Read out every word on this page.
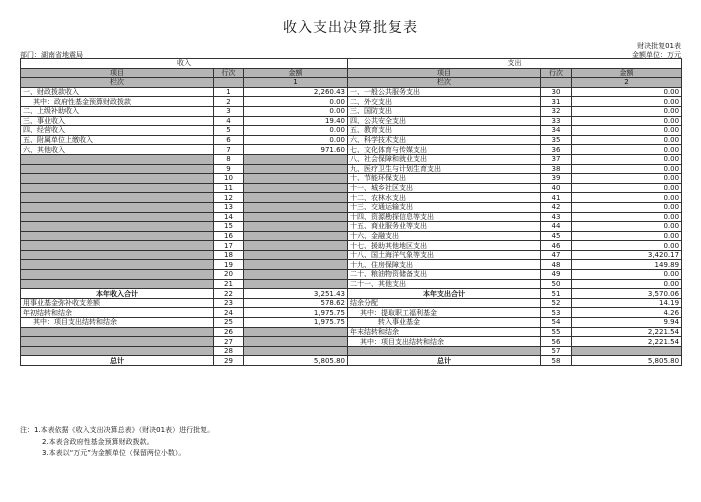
收入支出决算批复表
财决批复01表
金额单位：万元
部门：湖南省地震局
收入			支出		
项目	行次	金额	项目	行次	金额
栏次		1	栏次		2
一、财政拨款收入	1	2,260.43	一、一般公共服务支出	30	0.00
其中：政府性基金预算财政拨款	2	0.00	二、外交支出	31	0.00
二、上级补助收入	3	0.00	三、国防支出	32	0.00
三、事业收入	4	19.40	四、公共安全支出	33	0.00
四、经营收入	5	0.00	五、教育支出	34	0.00
五、附属单位上缴收入	6	0.00	六、科学技术支出	35	0.00
六、其他收入	7	971.60	七、文化体育与传媒支出	36	0.00
	8		八、社会保障和就业支出	37	0.00
	9		九、医疗卫生与计划生育支出	38	0.00
	10		十、节能环保支出	39	0.00
	11		十一、城乡社区支出	40	0.00
	12		十二、农林水支出	41	0.00
	13		十三、交通运输支出	42	0.00
	14		十四、资源勘探信息等支出	43	0.00
	15		十五、商业服务业等支出	44	0.00
	16		十六、金融支出	45	0.00
	17		十七、援助其他地区支出	46	0.00
	18		十八、国土海洋气象等支出	47	3,420.17
	19		十九、住房保障支出	48	149.89
	20		二十、粮油物资储备支出	49	0.00
	21		二十一、其他支出	50	0.00
本年收入合计	22	3,251.43	本年支出合计	51	3,570.06
用事业基金弥补收支差额	23	578.62	结余分配	52	14.19
年初结转和结余	24	1,975.75	其中：提取职工福利基金	53	4.26
其中：项目支出结转和结余	25	1,975.75	转入事业基金	54	9.94
	26		年末结转和结余	55	2,221.54
	27		其中：项目支出结转和结余	56	2,221.54
	28			57	
总计	29	5,805.80	总计	58	5,805.80
注：1.本表依据《收入支出决算总表》（财决01表）进行批复。
2.本表含政府性基金预算财政拨款。
3.本表以“万元”为金额单位（保留两位小数）。
